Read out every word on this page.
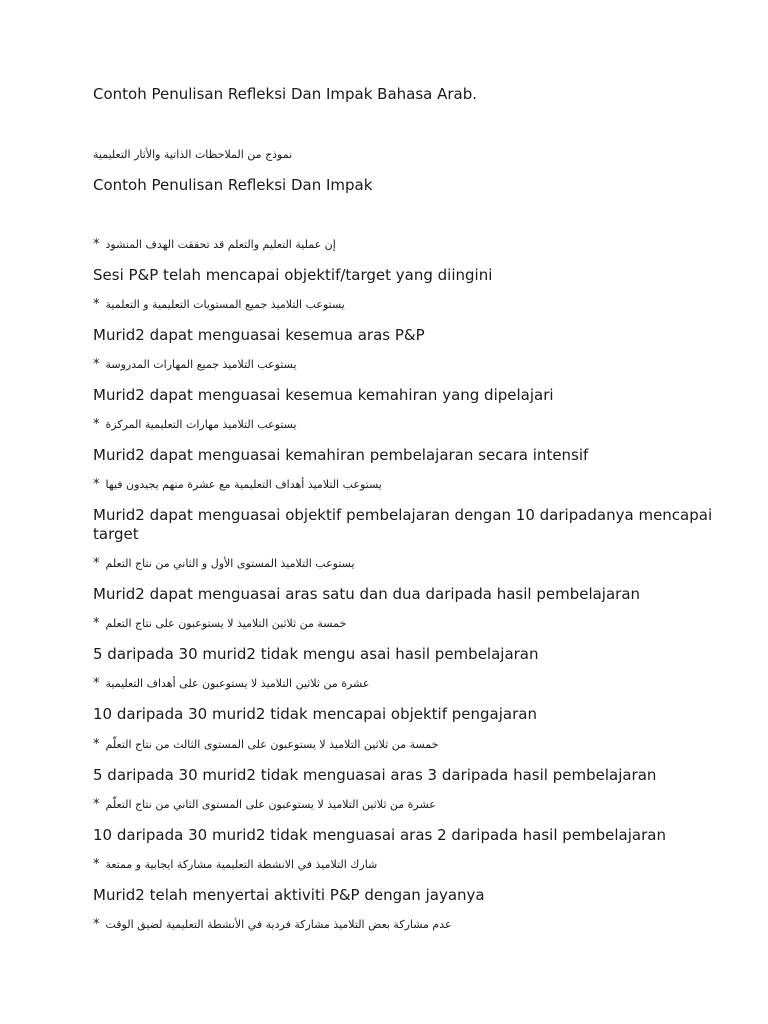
Contoh Penulisan Refleksi Dan Impak Bahasa Arab.
نموذج من الملاحظات الذاتية والأثار التعليمية
Contoh Penulisan Refleksi Dan Impak
* إن عملية التعليم والتعلم قد تحققت الهدف المنشود
Sesi P&P telah mencapai objektif/target yang diingini
* يستوعب التلاميذ جميع المستويات التعليمية و التعلمية
Murid2 dapat menguasai kesemua aras P&P
* يستوعب التلاميذ جميع المهارات المدروسة
Murid2 dapat menguasai kesemua kemahiran yang dipelajari
* يستوعب التلاميذ مهارات التعليمية المركزة
Murid2 dapat menguasai kemahiran pembelajaran secara intensif
* يستوعب التلاميذ أهداف التعليمية مع عشرة منهم يجيدون فيها
Murid2 dapat menguasai objektif pembelajaran dengan 10 daripadanya mencapai target
* يستوعب التلاميذ المستوى الأول و الثاني من نتاج التعلم
Murid2 dapat menguasai aras satu dan dua daripada hasil pembelajaran
* خمسة من ثلاثين التلاميذ لا يستوعبون على نتاج التعلم
5 daripada 30 murid2 tidak mengu asai hasil pembelajaran
* عشرة من ثلاثين التلاميذ لا يستوعبون على أهداف التعليمية
10 daripada 30 murid2 tidak mencapai objektif pengajaran
* خمسة من ثلاثين التلاميذ لا يستوعبون على المستوى الثالث من نتاج التعلّم
5 daripada 30 murid2 tidak menguasai aras 3 daripada hasil pembelajaran
* عشرة من ثلاثين التلاميذ لا يستوعبون على المستوى الثاني من نتاج التعلّم
10 daripada 30 murid2 tidak menguasai aras 2 daripada hasil pembelajaran
* شارك التلاميذ في الانشطة التعليمية مشاركة ايجابية و ممتعة
Murid2 telah menyertai aktiviti P&P dengan jayanya
* عدم مشاركة بعض التلاميذ مشاركة فردية في الأنشطة التعليمية لضيق الوقت
